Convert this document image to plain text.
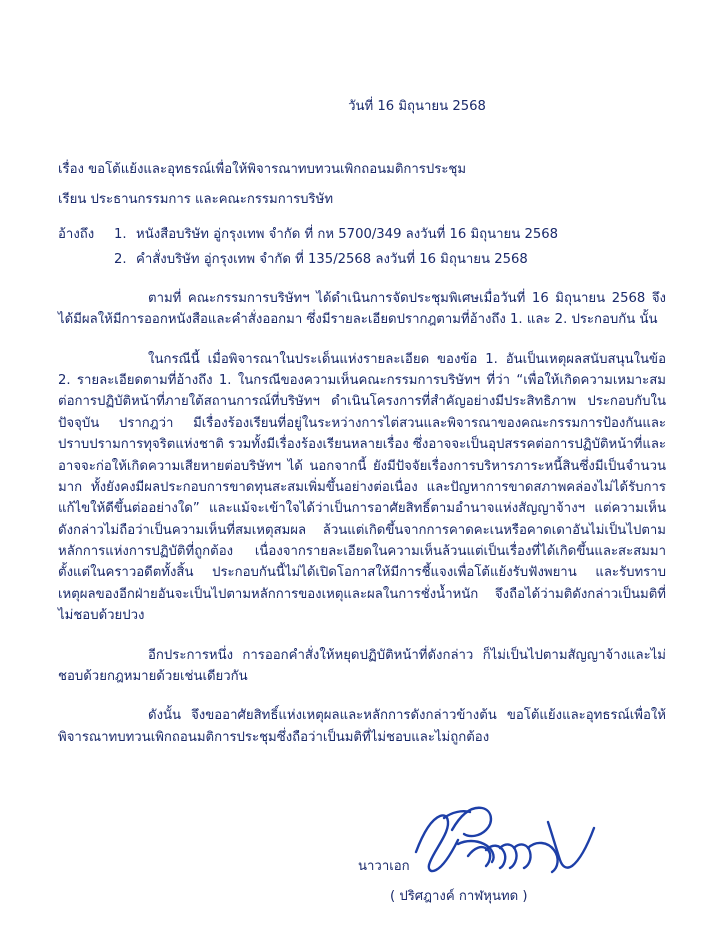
วันที่ 16 มิถุนายน 2568
เรื่อง ขอโต้แย้งและอุทธรณ์เพื่อให้พิจารณาทบทวนเพิกถอนมติการประชุม
เรียน ประธานกรรมการ และคณะกรรมการบริษัท
อ้างถึง 1. หนังสือบริษัท อู่กรุงเทพ จำกัด ที่ กห 5700/349 ลงวันที่ 16 มิถุนายน 2568
2. คำสั่งบริษัท อู่กรุงเทพ จำกัด ที่ 135/2568 ลงวันที่ 16 มิถุนายน 2568
ตามที่ คณะกรรมการบริษัทฯ ได้ดำเนินการจัดประชุมพิเศษเมื่อวันที่ 16 มิถุนายน 2568 จึงได้มีผลให้มีการออกหนังสือและคำสั่งออกมา ซึ่งมีรายละเอียดปรากฎตามที่อ้างถึง 1. และ 2. ประกอบกัน นั้น
ในกรณีนี้ เมื่อพิจารณาในประเด็นแห่งรายละเอียด ของข้อ 1. อันเป็นเหตุผลสนับสนุนในข้อ 2. รายละเอียดตามที่อ้างถึง 1. ในกรณีของความเห็นคณะกรรมการบริษัทฯ ที่ว่า “เพื่อให้เกิดความเหมาะสมต่อการปฏิบัติหน้าที่ภายใต้สถานการณ์ที่บริษัทฯ ดำเนินโครงการที่สำคัญอย่างมีประสิทธิภาพ ประกอบกับในปัจจุบัน ปรากฎว่า มีเรื่องร้องเรียนที่อยู่ในระหว่างการไต่สวนและพิจารณาของคณะกรรมการป้องกันและปราบปรามการทุจริตแห่งชาติ รวมทั้งมีเรื่องร้องเรียนหลายเรื่อง ซึ่งอาจจะเป็นอุปสรรคต่อการปฏิบัติหน้าที่และอาจจะก่อให้เกิดความเสียหายต่อบริษัทฯ ได้ นอกจากนี้ ยังมีปัจจัยเรื่องการบริหารภาระหนี้สินซึ่งมีเป็นจำนวนมาก ทั้งยังคงมีผลประกอบการขาดทุนสะสมเพิ่มขึ้นอย่างต่อเนื่อง และปัญหาการขาดสภาพคล่องไม่ได้รับการแก้ไขให้ดีขึ้นต่ออย่างใด” และแม้จะเข้าใจได้ว่าเป็นการอาศัยสิทธิ์ตามอำนาจแห่งสัญญาจ้างฯ แต่ความเห็นดังกล่าวไม่ถือว่าเป็นความเห็นที่สมเหตุสมผล ล้วนแต่เกิดขึ้นจากการคาดคะเนหรือคาดเดาอันไม่เป็นไปตามหลักการแห่งการปฏิบัติที่ถูกต้อง เนื่องจากรายละเอียดในความเห็นล้วนแต่เป็นเรื่องที่ได้เกิดขึ้นและสะสมมาตั้งแต่ในคราวอดีตทั้งสิ้น ประกอบกันนี้ไม่ได้เปิดโอกาสให้มีการชี้แจงเพื่อโต้แย้งรับฟังพยาน และรับทราบเหตุผลของอีกฝ่ายอันจะเป็นไปตามหลักการของเหตุและผลในการชั่งน้ำหนัก จึงถือได้ว่ามติดังกล่าวเป็นมติที่ไม่ชอบด้วยปวง
อีกประการหนึ่ง การออกคำสั่งให้หยุดปฏิบัติหน้าที่ดังกล่าว ก็ไม่เป็นไปตามสัญญาจ้างและไม่ชอบด้วยกฎหมายด้วยเช่นเดียวกัน
ดังนั้น จึงขออาศัยสิทธิ์แห่งเหตุผลและหลักการดังกล่าวข้างต้น ขอโต้แย้งและอุทธรณ์เพื่อให้พิจารณาทบทวนเพิกถอนมติการประชุมซึ่งถือว่าเป็นมติที่ไม่ชอบและไม่ถูกต้อง
นาวาเอก
( ปริศฎางค์ กาฬหุนทด )
